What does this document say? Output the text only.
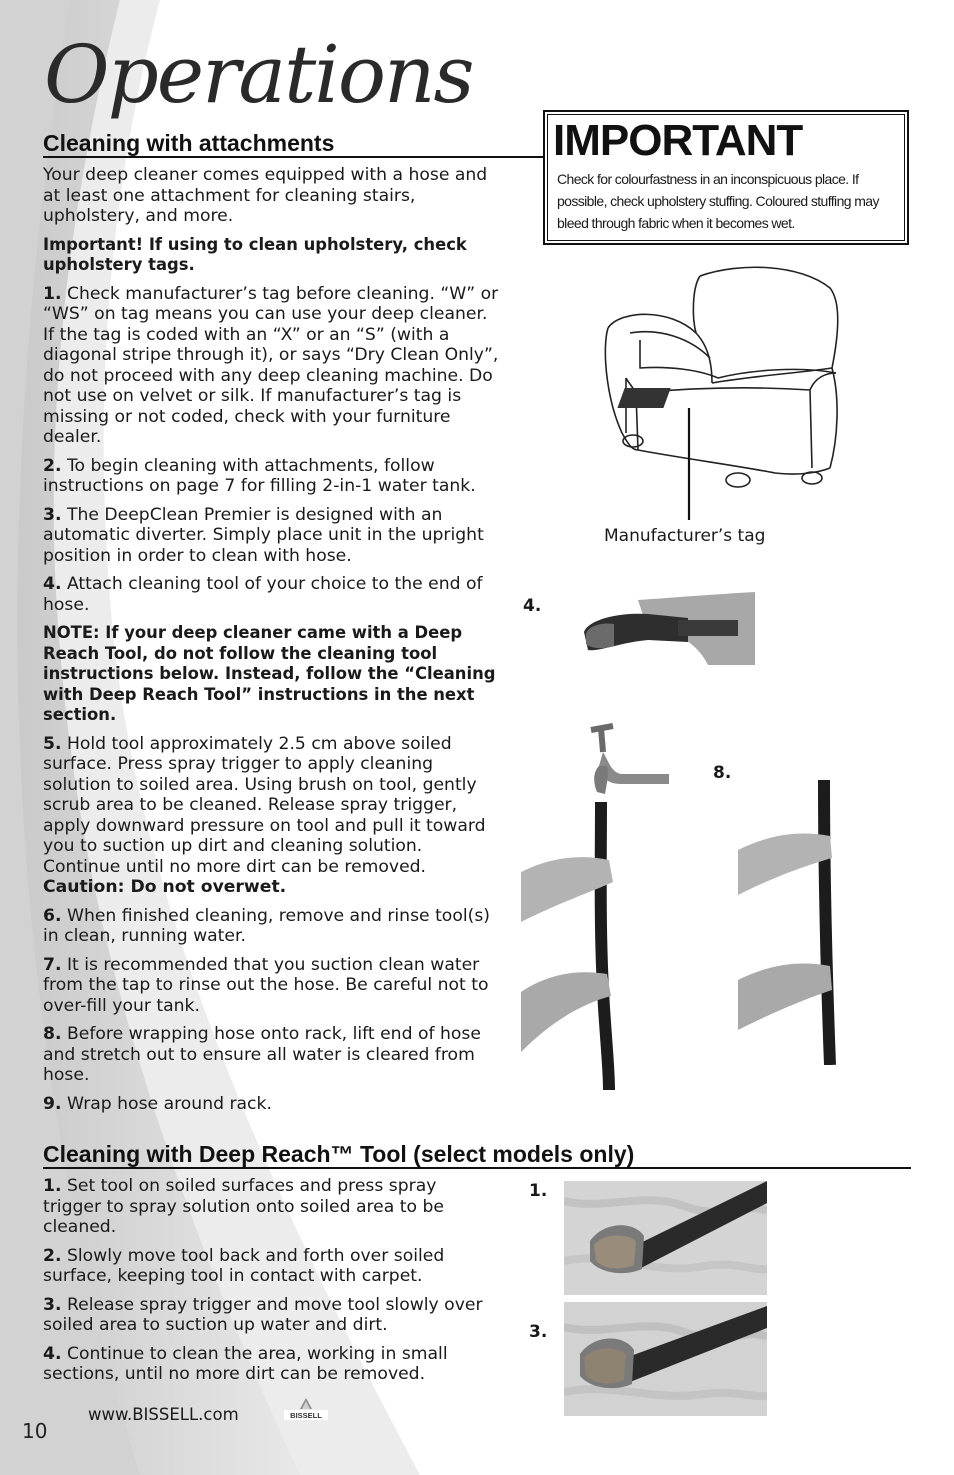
Operations
Cleaning with attachments

Your deep cleaner comes equipped with a hose and at least one attachment for cleaning stairs, upholstery, and more.

Important! If using to clean upholstery, check upholstery tags.

1. Check manufacturer’s tag before cleaning. “W” or “WS” on tag means you can use your deep cleaner. If the tag is coded with an “X” or an “S” (with a diagonal stripe through it), or says “Dry Clean Only”, do not proceed with any deep cleaning machine. Do not use on velvet or silk. If manufacturer’s tag is missing or not coded, check with your furniture dealer.

2. To begin cleaning with attachments, follow instructions on page 7 for filling 2-in-1 water tank.

3. The DeepClean Premier is designed with an automatic diverter. Simply place unit in the upright position in order to clean with hose.

4. Attach cleaning tool of your choice to the end of hose.

NOTE: If your deep cleaner came with a Deep Reach Tool, do not follow the cleaning tool instructions below. Instead, follow the “Cleaning with Deep Reach Tool” instructions in the next section.

5. Hold tool approximately 2.5 cm above soiled surface. Press spray trigger to apply cleaning solution to soiled area. Using brush on tool, gently scrub area to be cleaned. Release spray trigger, apply downward pressure on tool and pull it toward you to suction up dirt and cleaning solution. Continue until no more dirt can be removed. Caution: Do not overwet.

6. When finished cleaning, remove and rinse tool(s) in clean, running water.

7. It is recommended that you suction clean water from the tap to rinse out the hose. Be careful not to over-fill your tank.

8. Before wrapping hose onto rack, lift end of hose and stretch out to ensure all water is cleared from hose.

9. Wrap hose around rack.

IMPORTANT
Check for colourfastness in an inconspicuous place. If possible, check upholstery stuffing. Coloured stuffing may bleed through fabric when it becomes wet.
Manufacturer’s tag
4.
8.
Cleaning with Deep Reach™ Tool (select models only)

1. Set tool on soiled surfaces and press spray trigger to spray solution onto soiled area to be cleaned.

2. Slowly move tool back and forth over soiled surface, keeping tool in contact with carpet.

3. Release spray trigger and move tool slowly over soiled area to suction up water and dirt.

4. Continue to clean the area, working in small sections, until no more dirt can be removed.

1.
3.
10
www.BISSELL.com	BISSELL
